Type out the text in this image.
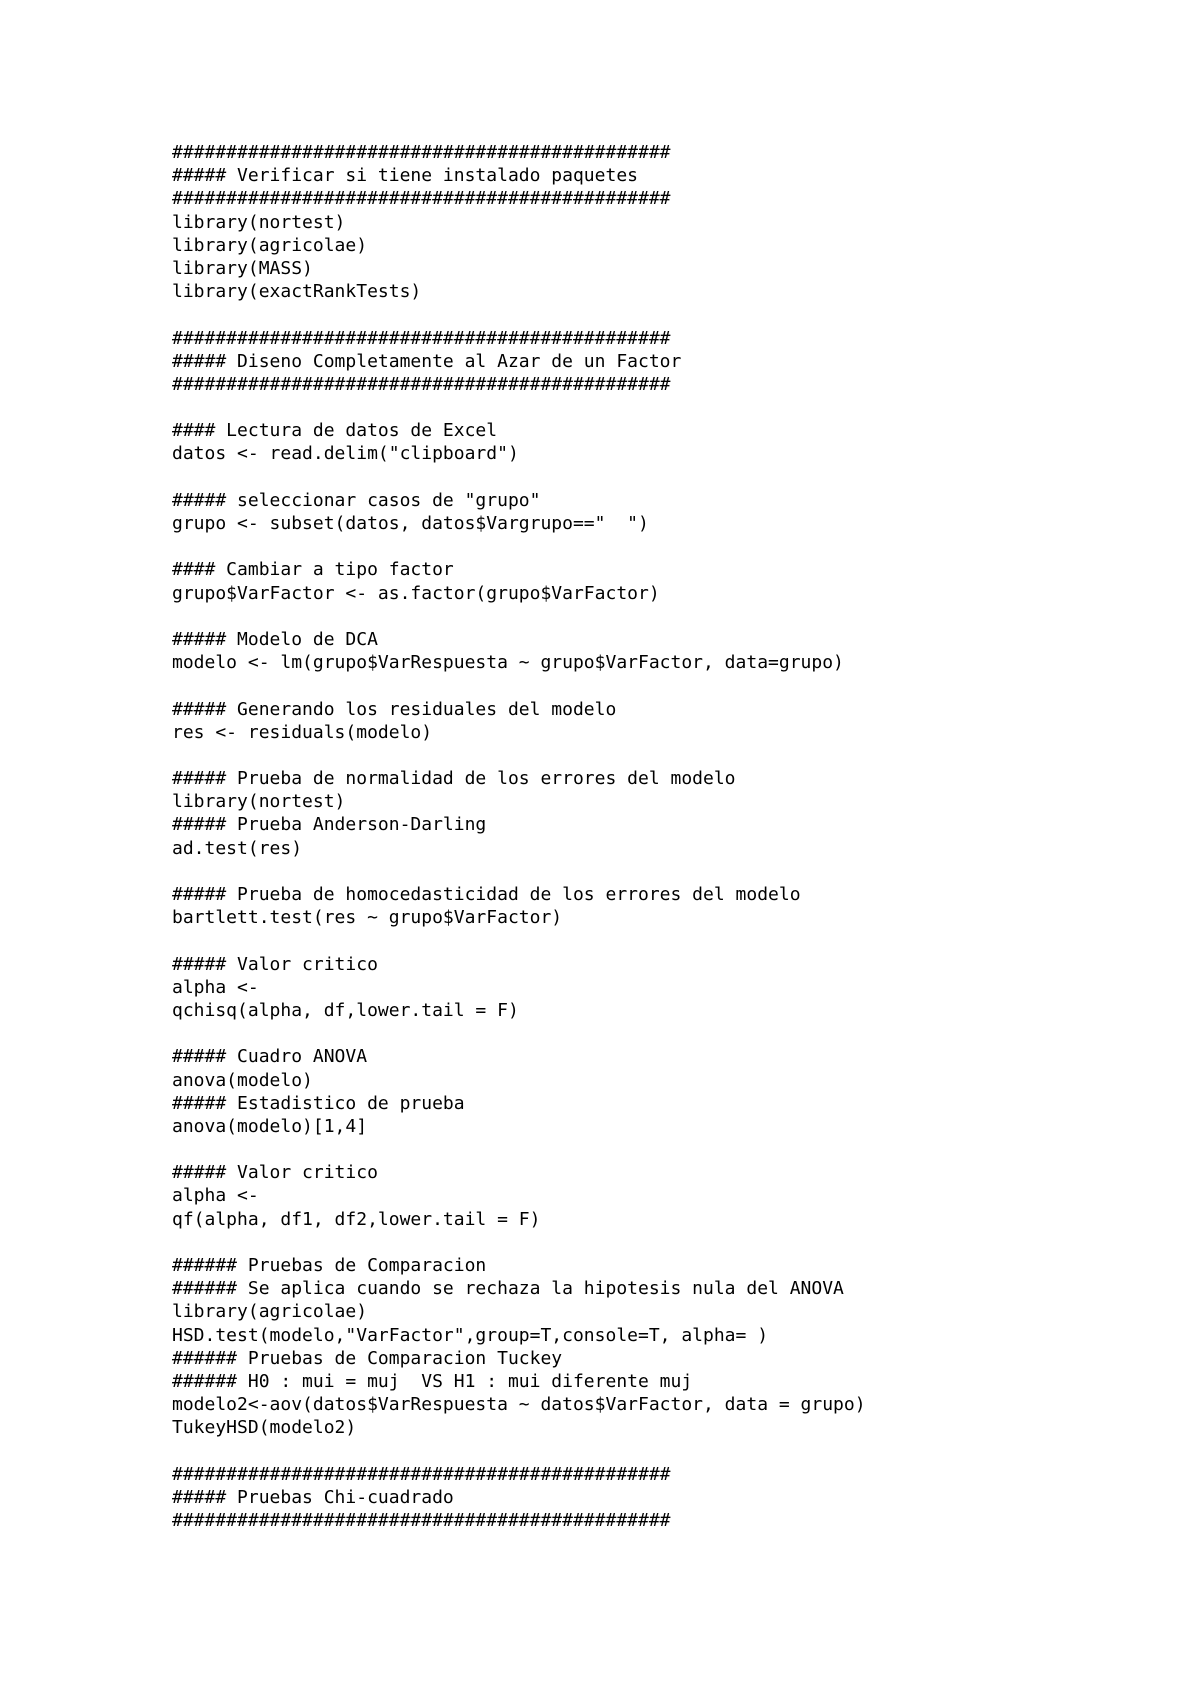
##############################################
##### Verificar si tiene instalado paquetes
##############################################
library(nortest)
library(agricolae)
library(MASS)
library(exactRankTests)
##############################################
##### Diseno Completamente al Azar de un Factor
##############################################
#### Lectura de datos de Excel
datos <- read.delim("clipboard")
##### seleccionar casos de "grupo"
grupo <- subset(datos, datos$Vargrupo=="  ")
#### Cambiar a tipo factor
grupo$VarFactor <- as.factor(grupo$VarFactor)
##### Modelo de DCA
modelo <- lm(grupo$VarRespuesta ~ grupo$VarFactor, data=grupo)
##### Generando los residuales del modelo
res <- residuals(modelo)
##### Prueba de normalidad de los errores del modelo
library(nortest)
##### Prueba Anderson-Darling
ad.test(res)
##### Prueba de homocedasticidad de los errores del modelo
bartlett.test(res ~ grupo$VarFactor)
##### Valor critico
alpha <-
qchisq(alpha, df,lower.tail = F)
##### Cuadro ANOVA
anova(modelo)
##### Estadistico de prueba
anova(modelo)[1,4]
##### Valor critico
alpha <-
qf(alpha, df1, df2,lower.tail = F)
###### Pruebas de Comparacion
###### Se aplica cuando se rechaza la hipotesis nula del ANOVA
library(agricolae)
HSD.test(modelo,"VarFactor",group=T,console=T, alpha= )
###### Pruebas de Comparacion Tuckey
###### H0 : mui = muj  VS H1 : mui diferente muj
modelo2<-aov(datos$VarRespuesta ~ datos$VarFactor, data = grupo)
TukeyHSD(modelo2)
##############################################
##### Pruebas Chi-cuadrado
##############################################
